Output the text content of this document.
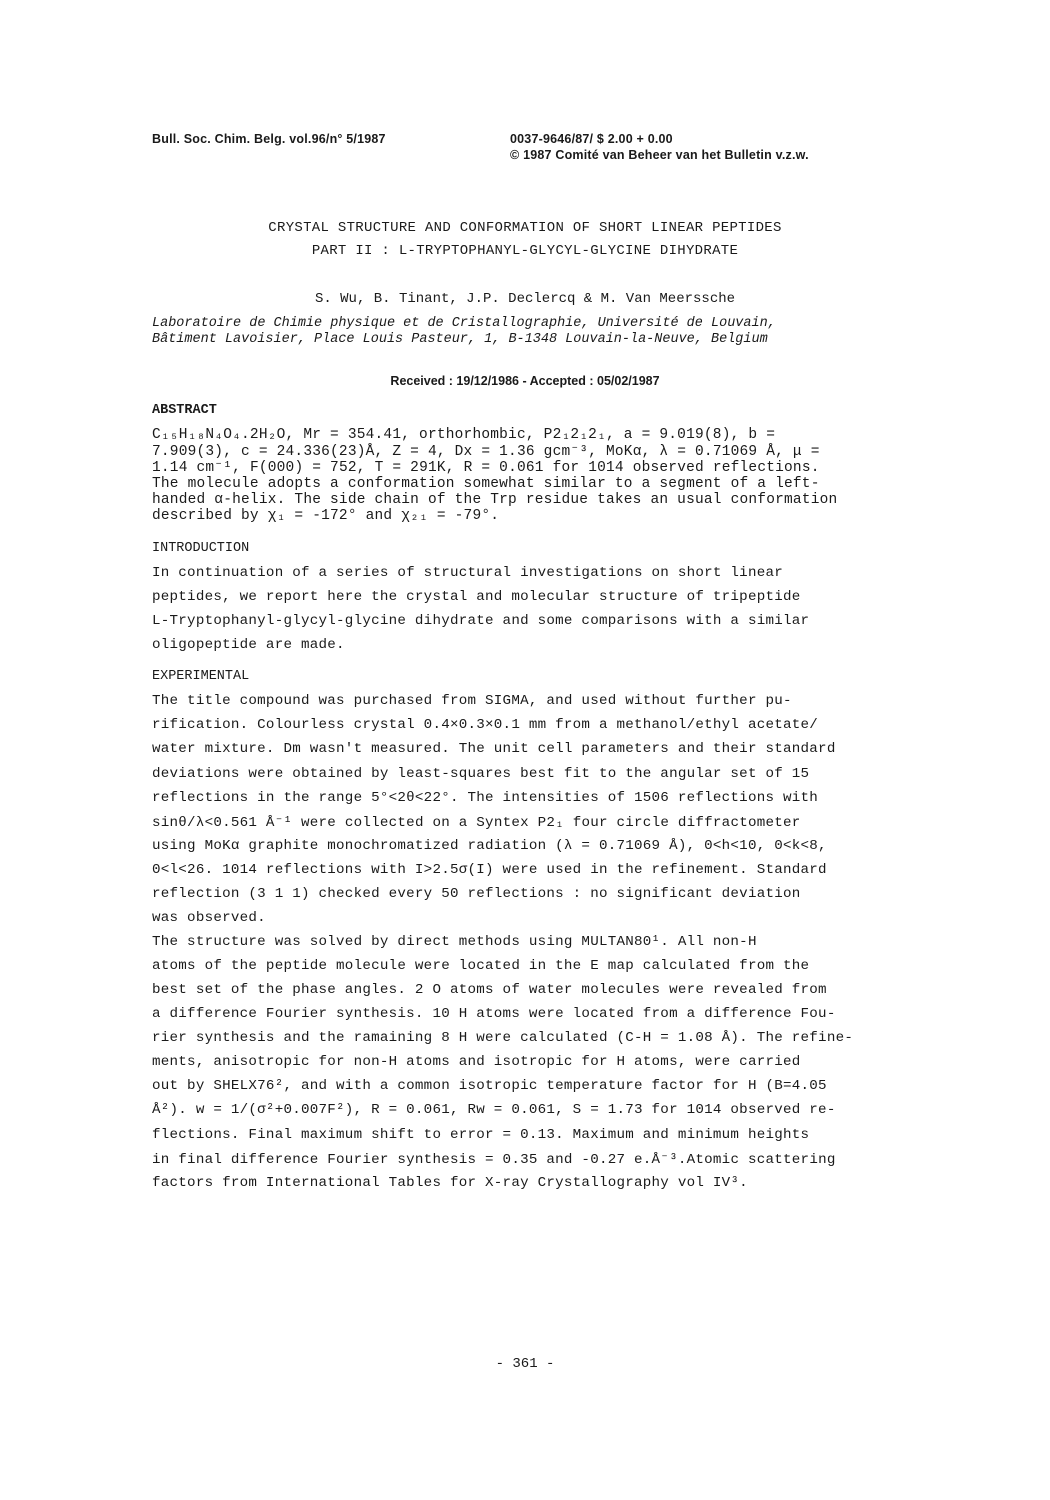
Bull. Soc. Chim. Belg. vol.96/n° 5/1987	0037-9646/87/ $ 2.00 + 0.00
© 1987 Comité van Beheer van het Bulletin v.z.w.
CRYSTAL STRUCTURE AND CONFORMATION OF SHORT LINEAR PEPTIDES
PART II : L-TRYPTOPHANYL-GLYCYL-GLYCINE DIHYDRATE
S. Wu, B. Tinant, J.P. Declercq & M. Van Meerssche
Laboratoire de Chimie physique et de Cristallographie, Université de Louvain,
Bâtiment Lavoisier, Place Louis Pasteur, 1, B-1348 Louvain-la-Neuve, Belgium
Received : 19/12/1986 - Accepted : 05/02/1987
ABSTRACT
C₁₅H₁₈N₄O₄.2H₂O, Mr = 354.41, orthorhombic, P2₁2₁2₁, a = 9.019(8), b =
7.909(3), c = 24.336(23)Å, Z = 4, Dx = 1.36 gcm⁻³, MoKα, λ = 0.71069 Å, μ =
1.14 cm⁻¹, F(000) = 752, T = 291K, R = 0.061 for 1014 observed reflections.
The molecule adopts a conformation somewhat similar to a segment of a left-
handed α-helix. The side chain of the Trp residue takes an usual conformation
described by χ₁ = -172° and χ₂₁ = -79°.
INTRODUCTION
In continuation of a series of structural investigations on short linear
peptides, we report here the crystal and molecular structure of tripeptide
L-Tryptophanyl-glycyl-glycine dihydrate and some comparisons with a similar
oligopeptide are made.
EXPERIMENTAL
The title compound was purchased from SIGMA, and used without further pu-
rification. Colourless crystal 0.4×0.3×0.1 mm from a methanol/ethyl acetate/
water mixture. Dm wasn't measured. The unit cell parameters and their standard
deviations were obtained by least-squares best fit to the angular set of 15
reflections in the range 5°<2θ<22°. The intensities of 1506 reflections with
sinθ/λ<0.561 Å⁻¹ were collected on a Syntex P2₁ four circle diffractometer
using MoKα graphite monochromatized radiation (λ = 0.71069 Å), 0<h<10, 0<k<8,
0<l<26. 1014 reflections with I>2.5σ(I) were used in the refinement. Standard
reflection (3 1 1) checked every 50 reflections : no significant deviation
was observed.
The structure was solved by direct methods using MULTAN80¹. All non-H
atoms of the peptide molecule were located in the E map calculated from the
best set of the phase angles. 2 O atoms of water molecules were revealed from
a difference Fourier synthesis. 10 H atoms were located from a difference Fou-
rier synthesis and the ramaining 8 H were calculated (C-H = 1.08 Å). The refine-
ments, anisotropic for non-H atoms and isotropic for H atoms, were carried
out by SHELX76², and with a common isotropic temperature factor for H (B=4.05
Å²). w = 1/(σ²+0.007F²), R = 0.061, Rw = 0.061, S = 1.73 for 1014 observed re-
flections. Final maximum shift to error = 0.13. Maximum and minimum heights
in final difference Fourier synthesis = 0.35 and -0.27 e.Å⁻³.Atomic scattering
factors from International Tables for X-ray Crystallography vol IV³.
- 361 -
